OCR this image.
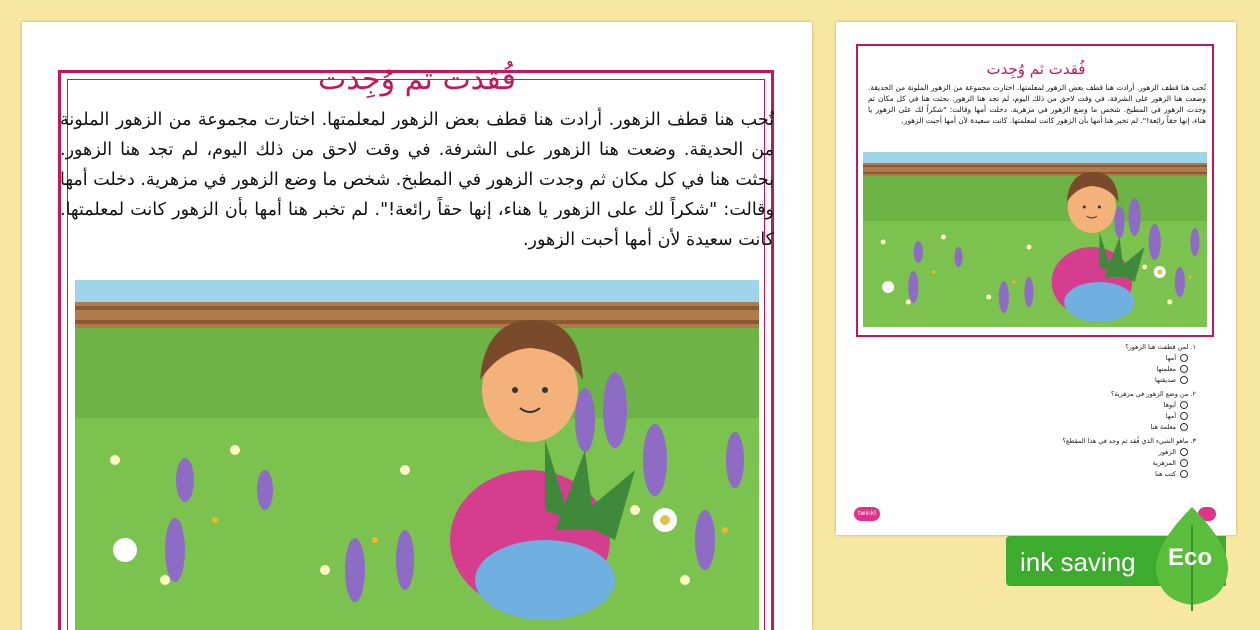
فُقدت ثم وُجِدت
تُحب هنا قطف الزهور. أرادت هنا قطف بعض الزهور لمعلمتها. اختارت مجموعة من الزهور الملونة من الحديقة. وضعت هنا الزهور على الشرفة. في وقت لاحق من ذلك اليوم، لم تجد هنا الزهور. بحثت هنا في كل مكان ثم وجدت الزهور في المطبخ. شخص ما وضع الزهور في مزهرية. دخلت أمها وقالت: "شكراً لك على الزهور يا هناء، إنها حقاً رائعة!". لم تخبر هنا أمها بأن الزهور كانت لمعلمتها. كانت سعيدة لأن أمها أحبت الزهور.
فُقدت ثم وُجِدت
تُحب هنا قطف الزهور. أرادت هنا قطف بعض الزهور لمعلمتها. اختارت مجموعة من الزهور الملونة من الحديقة. وضعت هنا الزهور على الشرفة. في وقت لاحق من ذلك اليوم، لم تجد هنا الزهور. بحثت هنا في كل مكان ثم وجدت الزهور في المطبخ. شخص ما وضع الزهور في مزهرية. دخلت أمها وقالت: "شكراً لك على الزهور يا هناء، إنها حقاً رائعة!". لم تخبر هنا أمها بأن الزهور كانت لمعلمتها. كانت سعيدة لأن أمها أحبت الزهور.
١. لمن قطفت هنا الزهور؟
أمها
معلمتها
صديقتها
٢. من وضع الزهور في مزهرية؟
أبوها
أمها
معلمة هنا
٣. ماهو الشيء الذي فُقد ثم وجد في هذا المقطع؟
الزهور
المزهرية
كتب هنا
twinkl
ink saving Eco
